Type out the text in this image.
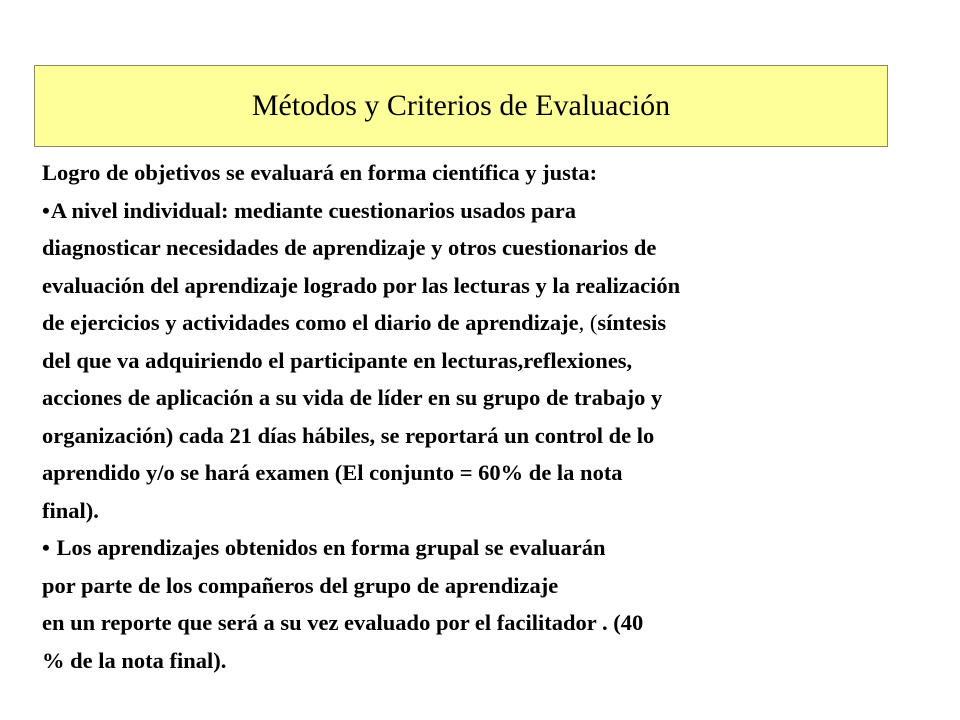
Métodos y Criterios de Evaluación
Logro de objetivos se evaluará en forma científica y justa:
•A nivel individual: mediante cuestionarios usados para
diagnosticar necesidades de aprendizaje y otros cuestionarios de
evaluación del aprendizaje logrado por las lecturas y la realización
de ejercicios y actividades como el diario de aprendizaje, (síntesis
del que va adquiriendo el participante en lecturas,reflexiones,
acciones de aplicación a su vida de líder en su grupo de trabajo y
organización) cada 21 días hábiles, se reportará un control de lo
aprendido y/o se hará examen (El conjunto = 60% de la nota
final).
• Los aprendizajes obtenidos en forma grupal se evaluarán
por parte de los compañeros del grupo de aprendizaje
en un reporte que será a su vez evaluado por el facilitador . (40
% de la nota final).
